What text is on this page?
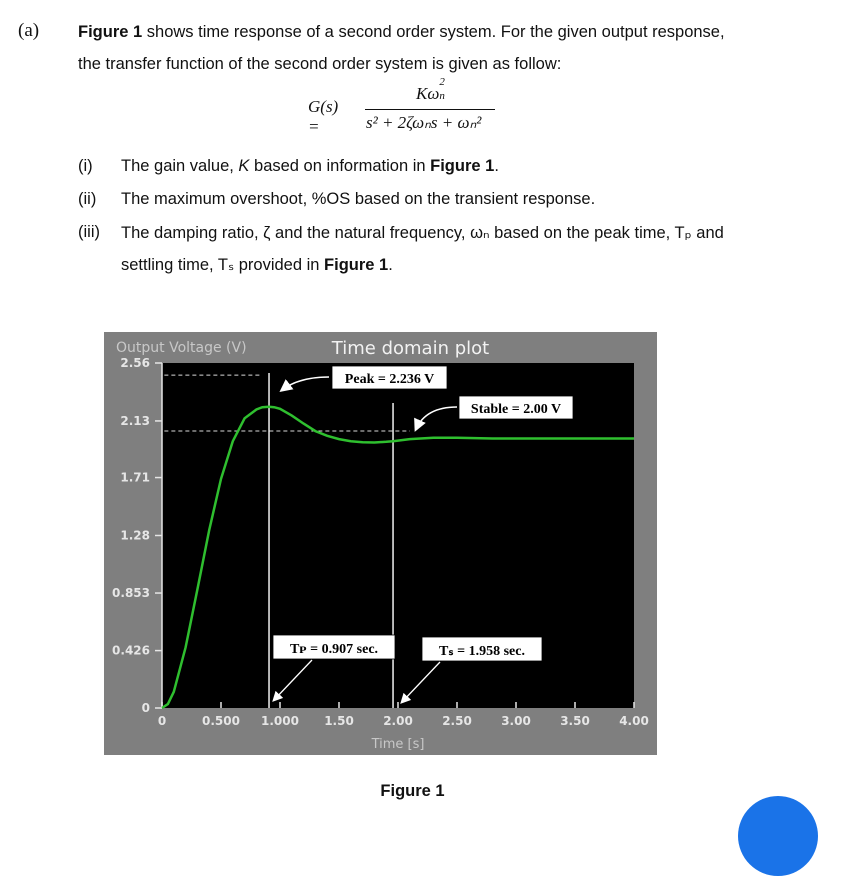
(a) Figure 1 shows time response of a second order system. For the given output response,
the transfer function of the second order system is given as follow:
G(s) =
Kω
2
n
s² + 2ζωₙs + ωₙ²
(i) The gain value, K based on information in Figure 1.
(ii) The maximum overshoot, %OS based on the transient response.
(iii) The damping ratio, ζ and the natural frequency, ωₙ based on the peak time, Tₚ and
settling time, Tₛ provided in Figure 1.
Output Voltage (V)	Time domain plot
Time [s]
0
0.426
0.853
1.28
1.71
2.13
2.56
0	0.500 1.000 1.50 2.00 2.50 3.00 3.50 4.00
Peak = 2.236 V
Stable = 2.00 V
Tᴘ = 0.907 sec.	Tₛ = 1.958 sec.
Figure 1
